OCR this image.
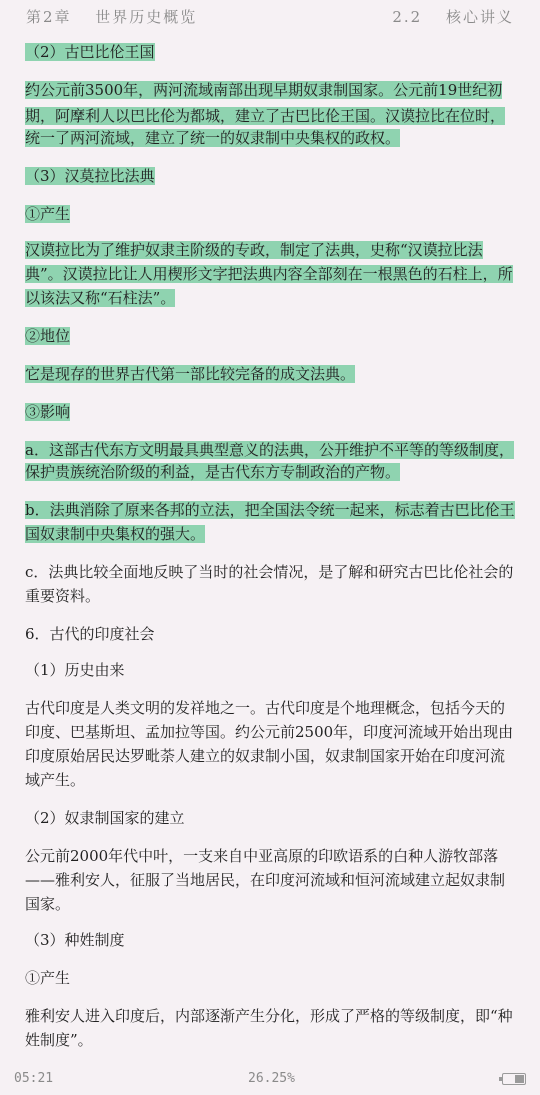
第2章　 世界历史概览	2.2　 核心讲义
（2）古巴比伦王国
约公元前3500年，两河流域南部出现早期奴隶制国家。公元前19世纪初
期，阿摩利人以巴比伦为都城，建立了古巴比伦王国。汉谟拉比在位时，
统一了两河流域，建立了统一的奴隶制中央集权的政权。
（3）汉莫拉比法典
①产生
汉谟拉比为了维护奴隶主阶级的专政，制定了法典，史称“汉谟拉比法
典”。汉谟拉比让人用楔形文字把法典内容全部刻在一根黑色的石柱上，所
以该法又称“石柱法”。
②地位
它是现存的世界古代第一部比较完备的成文法典。
③影响
a．这部古代东方文明最具典型意义的法典，公开维护不平等的等级制度，
保护贵族统治阶级的利益，是古代东方专制政治的产物。
b．法典消除了原来各邦的立法，把全国法令统一起来，标志着古巴比伦王
国奴隶制中央集权的强大。
c．法典比较全面地反映了当时的社会情况，是了解和研究古巴比伦社会的
重要资料。
6．古代的印度社会
（1）历史由来
古代印度是人类文明的发祥地之一。古代印度是个地理概念，包括今天的
印度、巴基斯坦、孟加拉等国。约公元前2500年，印度河流域开始出现由
印度原始居民达罗毗荼人建立的奴隶制小国，奴隶制国家开始在印度河流
域产生。
（2）奴隶制国家的建立
公元前2000年代中叶，一支来自中亚高原的印欧语系的白种人游牧部落
——雅利安人，征服了当地居民，在印度河流域和恒河流域建立起奴隶制
国家。
（3）种姓制度
①产生
雅利安人进入印度后，内部逐渐产生分化，形成了严格的等级制度，即“种
姓制度”。
05:21	26.25%
